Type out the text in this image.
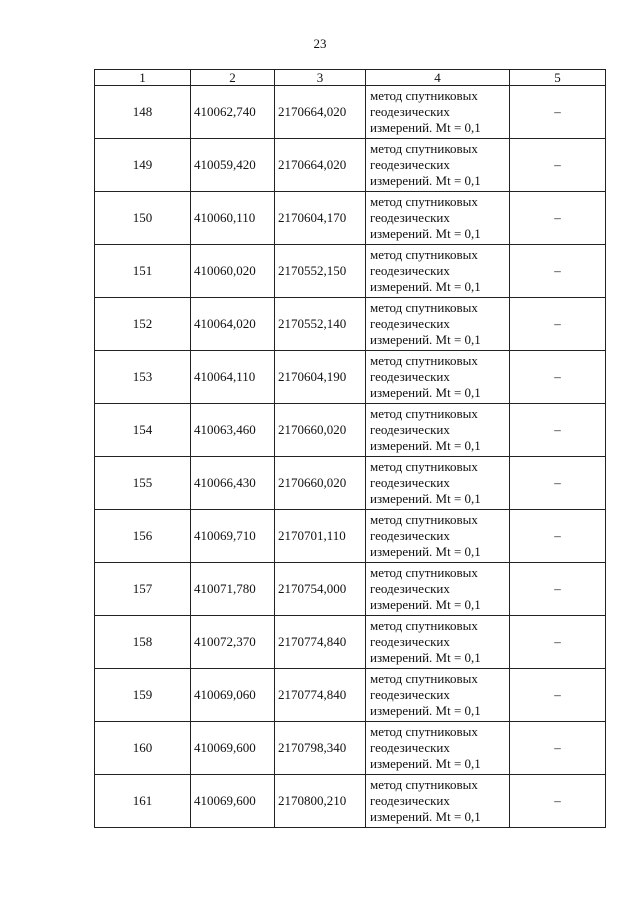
23
1	2	3	4	5
148	410062,740	2170664,020	метод спутниковых
геодезических
измерений. Mt = 0,1	–
149	410059,420	2170664,020	метод спутниковых
геодезических
измерений. Mt = 0,1	–
150	410060,110	2170604,170	метод спутниковых
геодезических
измерений. Mt = 0,1	–
151	410060,020	2170552,150	метод спутниковых
геодезических
измерений. Mt = 0,1	–
152	410064,020	2170552,140	метод спутниковых
геодезических
измерений. Mt = 0,1	–
153	410064,110	2170604,190	метод спутниковых
геодезических
измерений. Mt = 0,1	–
154	410063,460	2170660,020	метод спутниковых
геодезических
измерений. Mt = 0,1	–
155	410066,430	2170660,020	метод спутниковых
геодезических
измерений. Mt = 0,1	–
156	410069,710	2170701,110	метод спутниковых
геодезических
измерений. Mt = 0,1	–
157	410071,780	2170754,000	метод спутниковых
геодезических
измерений. Mt = 0,1	–
158	410072,370	2170774,840	метод спутниковых
геодезических
измерений. Mt = 0,1	–
159	410069,060	2170774,840	метод спутниковых
геодезических
измерений. Mt = 0,1	–
160	410069,600	2170798,340	метод спутниковых
геодезических
измерений. Mt = 0,1	–
161	410069,600	2170800,210	метод спутниковых
геодезических
измерений. Mt = 0,1	–
